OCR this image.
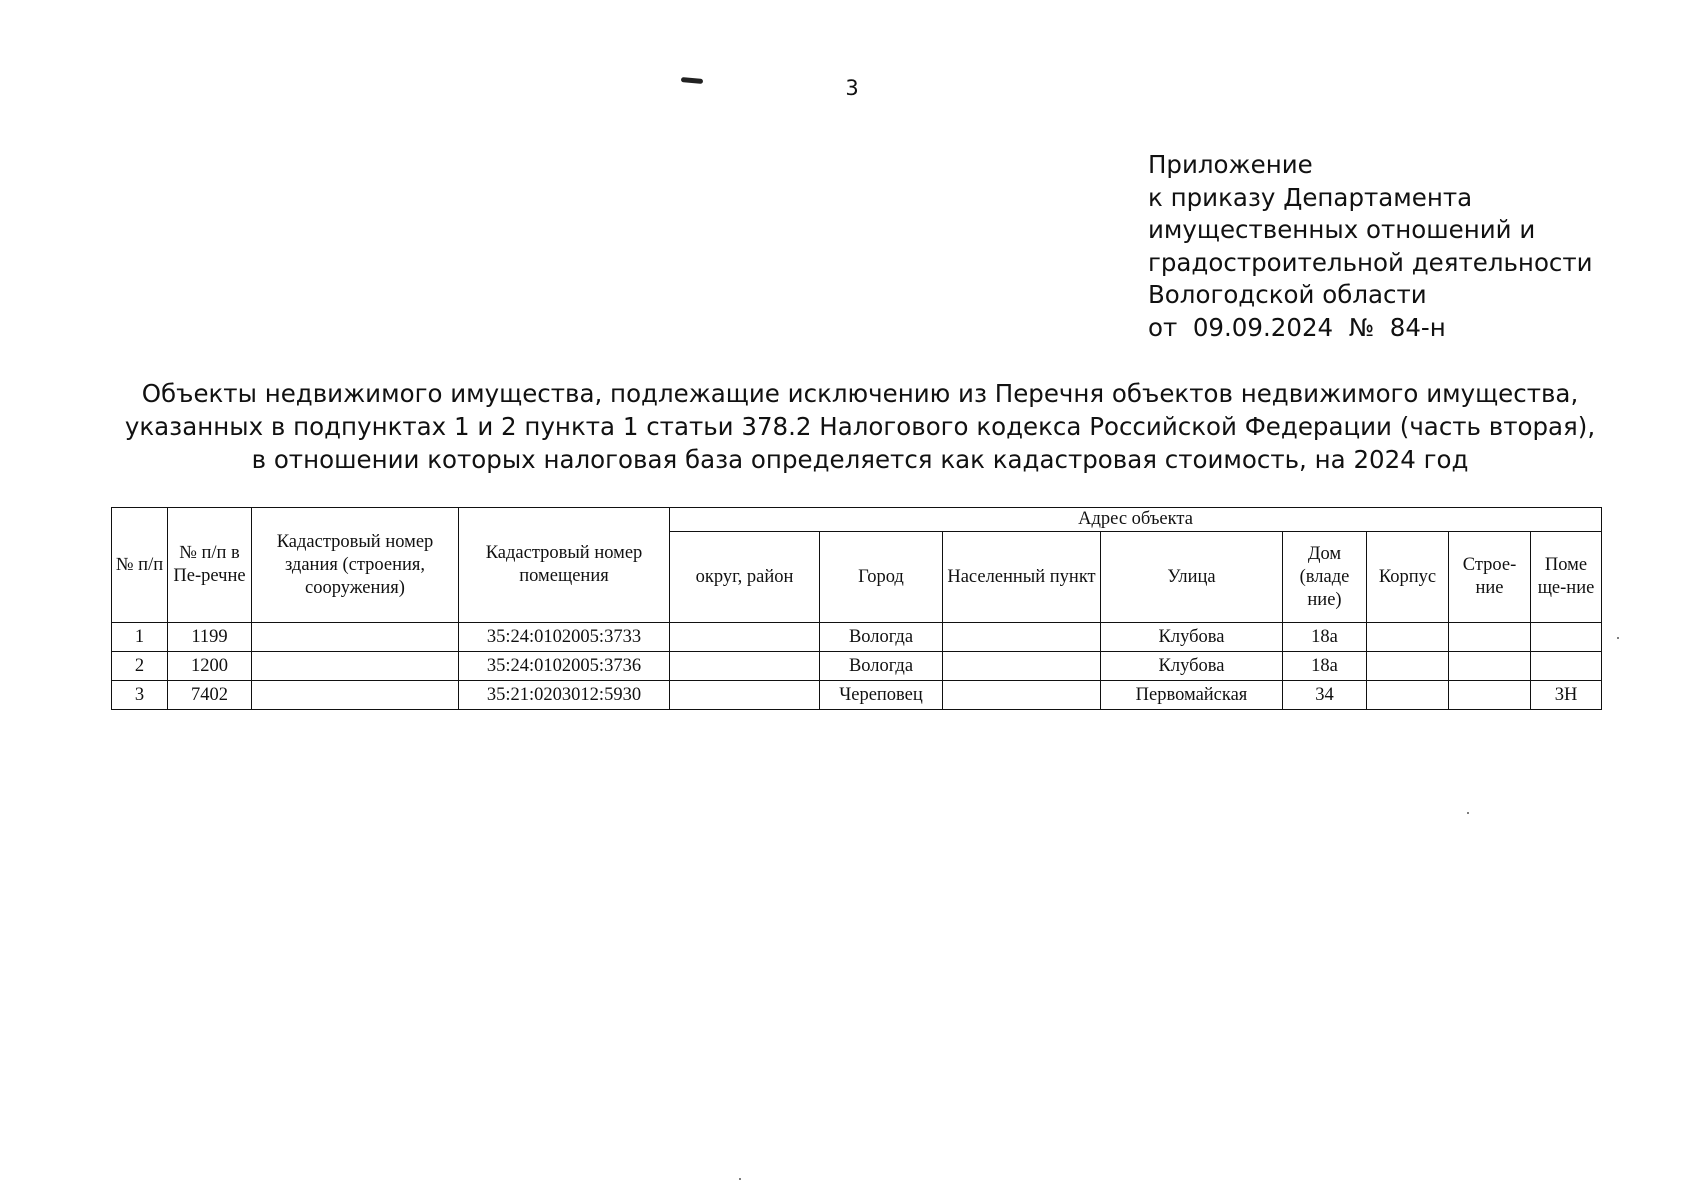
3
Приложение
к приказу Департамента
имущественных отношений и
градостроительной деятельности
Вологодской области
от  09.09.2024  №  84-н
Объекты недвижимого имущества, подлежащие исключению из Перечня объектов недвижимого имущества,
указанных в подпунктах 1 и 2 пункта 1 статьи 378.2 Налогового кодекса Российской Федерации (часть вторая),
в отношении которых налоговая база определяется как кадастровая стоимость, на 2024 год
№ п/п	№ п/п в Пе-речне	Кадастровый номер здания (строения, сооружения)	Кадастровый номер помещения	Адрес объекта							
				округ, район	Город	Населенный пункт	Улица	Дом (владе ние)	Корпус	Строе-ние	Поме ще-ние
1	1199		35:24:0102005:3733		Вологда		Клубова	18а			
2	1200		35:24:0102005:3736		Вологда		Клубова	18а			
3	7402		35:21:0203012:5930		Череповец		Первомайская	34			3Н
